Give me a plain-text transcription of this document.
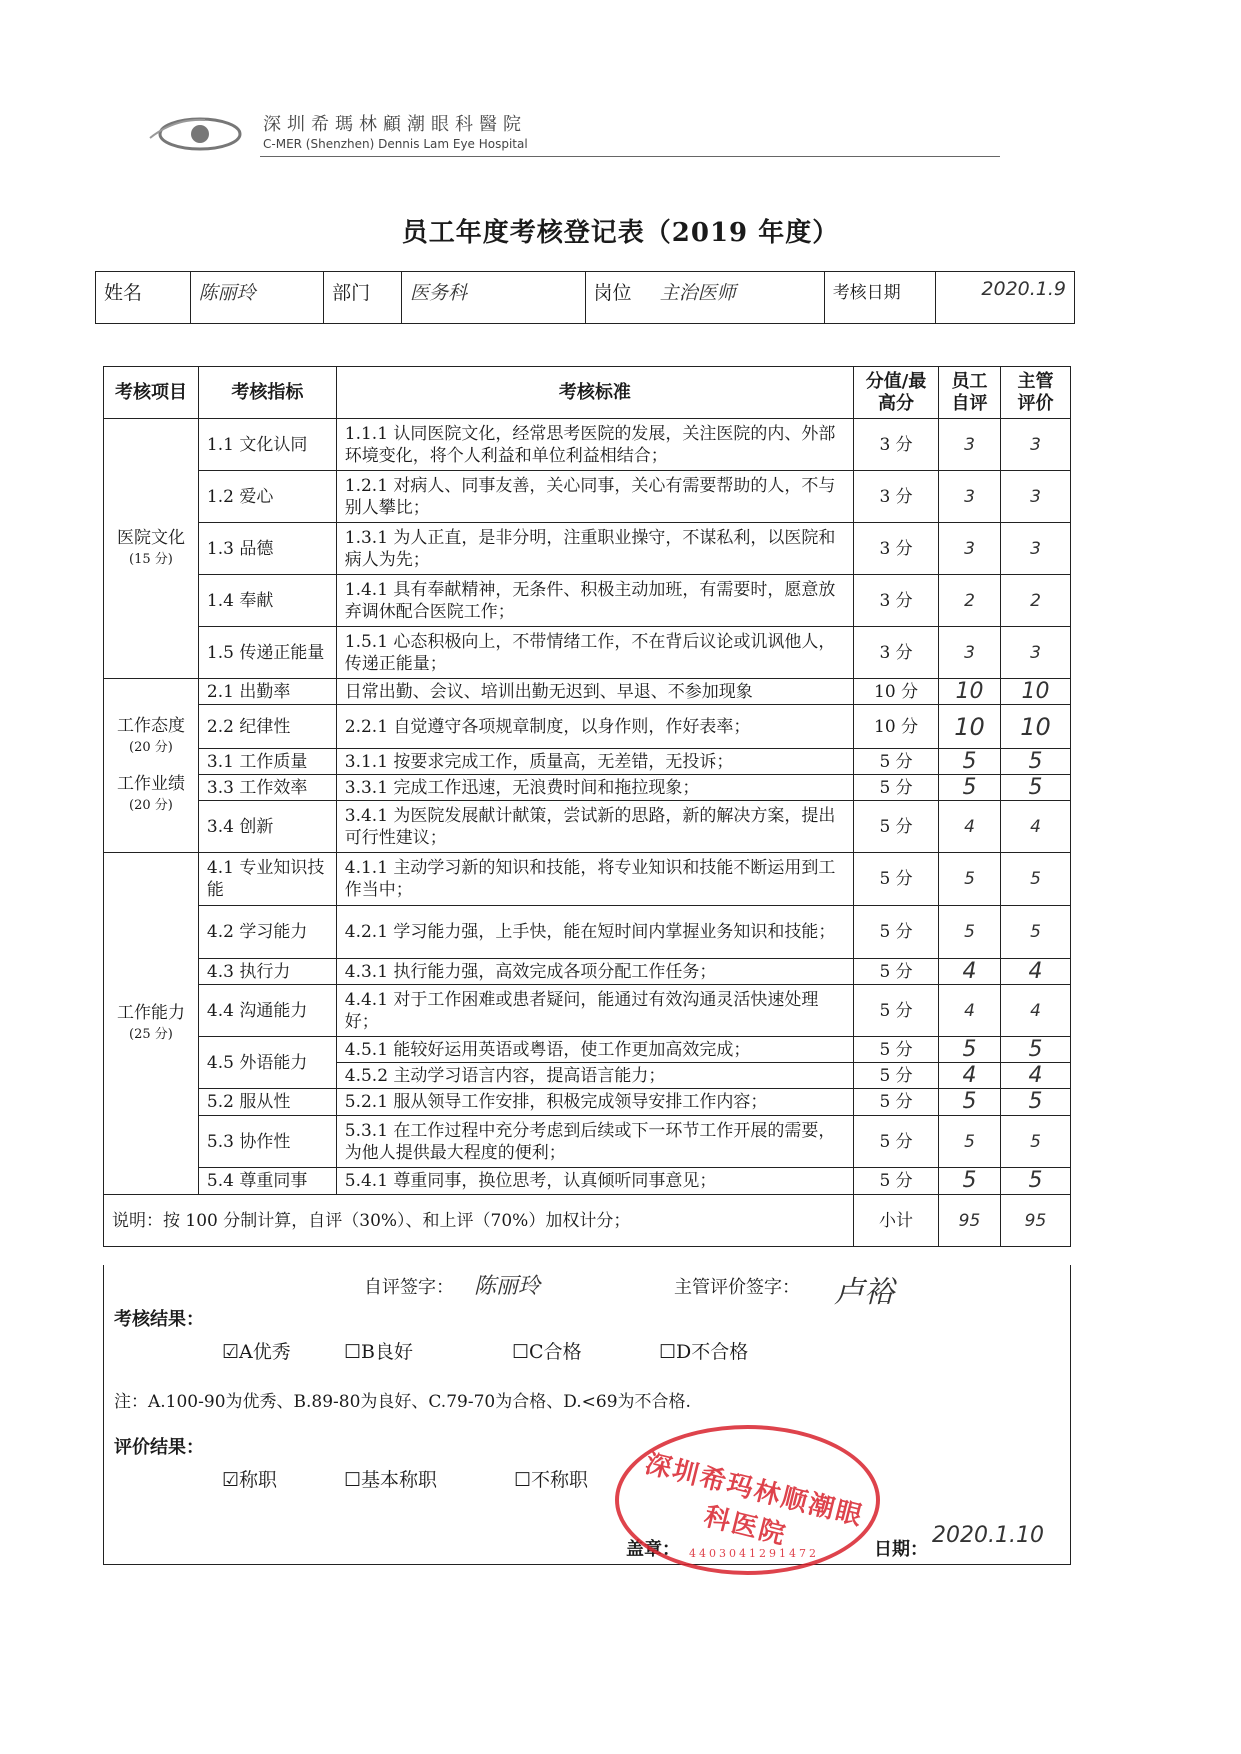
深圳希瑪林顧潮眼科醫院
C-MER (Shenzhen) Dennis Lam Eye Hospital
员工年度考核登记表（2019 年度）
姓名	陈丽玲	部门	医务科	岗位	主治医师	考核日期	2020.1.9
考核项目	考核指标	考核标准	分值/最高分	员工自评	主管评价

医院文化
(15 分)	1.1 文化认同	1.1.1 认同医院文化，经常思考医院的发展，关注医院的内、外部环境变化，将个人利益和单位利益相结合；	3 分	3	3
	1.2 爱心	1.2.1 对病人、同事友善，关心同事，关心有需要帮助的人，不与别人攀比；	3 分	3	3
	1.3 品德	1.3.1 为人正直，是非分明，注重职业操守，不谋私利，以医院和病人为先；	3 分	3	3
	1.4 奉献	1.4.1 具有奉献精神，无条件、积极主动加班，有需要时，愿意放弃调休配合医院工作；	3 分	2	2
	1.5 传递正能量	1.5.1 心态积极向上，不带情绪工作，不在背后议论或讥讽他人，传递正能量；	3 分	3	3

工作态度
(20 分)
工作业绩
(20 分)	2.1 出勤率	日常出勤、会议、培训出勤无迟到、早退、不参加现象	10 分	10	10
	2.2 纪律性	2.2.1 自觉遵守各项规章制度，以身作则，作好表率；	10 分	10	10
	3.1 工作质量	3.1.1 按要求完成工作，质量高，无差错，无投诉；	5 分	5	5
	3.3 工作效率	3.3.1 完成工作迅速，无浪费时间和拖拉现象；	5 分	5	5
	3.4 创新	3.4.1 为医院发展献计献策，尝试新的思路，新的解决方案，提出可行性建议；	5 分	4	4

工作能力
(25 分)	4.1 专业知识技能	4.1.1 主动学习新的知识和技能，将专业知识和技能不断运用到工作当中；	5 分	5	5
	4.2 学习能力	4.2.1 学习能力强，上手快，能在短时间内掌握业务知识和技能；	5 分	5	5
	4.3 执行力	4.3.1 执行能力强，高效完成各项分配工作任务；	5 分	4	4
	4.4 沟通能力	4.4.1 对于工作困难或患者疑问，能通过有效沟通灵活快速处理好；	5 分	4	4
	4.5 外语能力	4.5.1 能较好运用英语或粤语，使工作更加高效完成；	5 分	5	5
		4.5.2 主动学习语言内容，提高语言能力；	5 分	4	4
	5.2 服从性	5.2.1 服从领导工作安排，积极完成领导安排工作内容；	5 分	5	5
	5.3 协作性	5.3.1 在工作过程中充分考虑到后续或下一环节工作开展的需要，为他人提供最大程度的便利；	5 分	5	5
	5.4 尊重同事	5.4.1 尊重同事，换位思考，认真倾听同事意见；	5 分	5	5
说明：按 100 分制计算，自评（30%）、和上评（70%）加权计分；			小计	95	95
自评签字： 陈丽玲	主管评价签字： 卢裕
考核结果：
☑A优秀	☐B良好	☐C合格	☐D不合格
注：A.100-90为优秀、B.89-80为良好、C.79-70为合格、D.<69为不合格.
评价结果：
☑称职	☐基本称职	☐不称职
盖章：	日期：
2020.1.10
深圳希玛林顺潮眼科医院
4403041291472
